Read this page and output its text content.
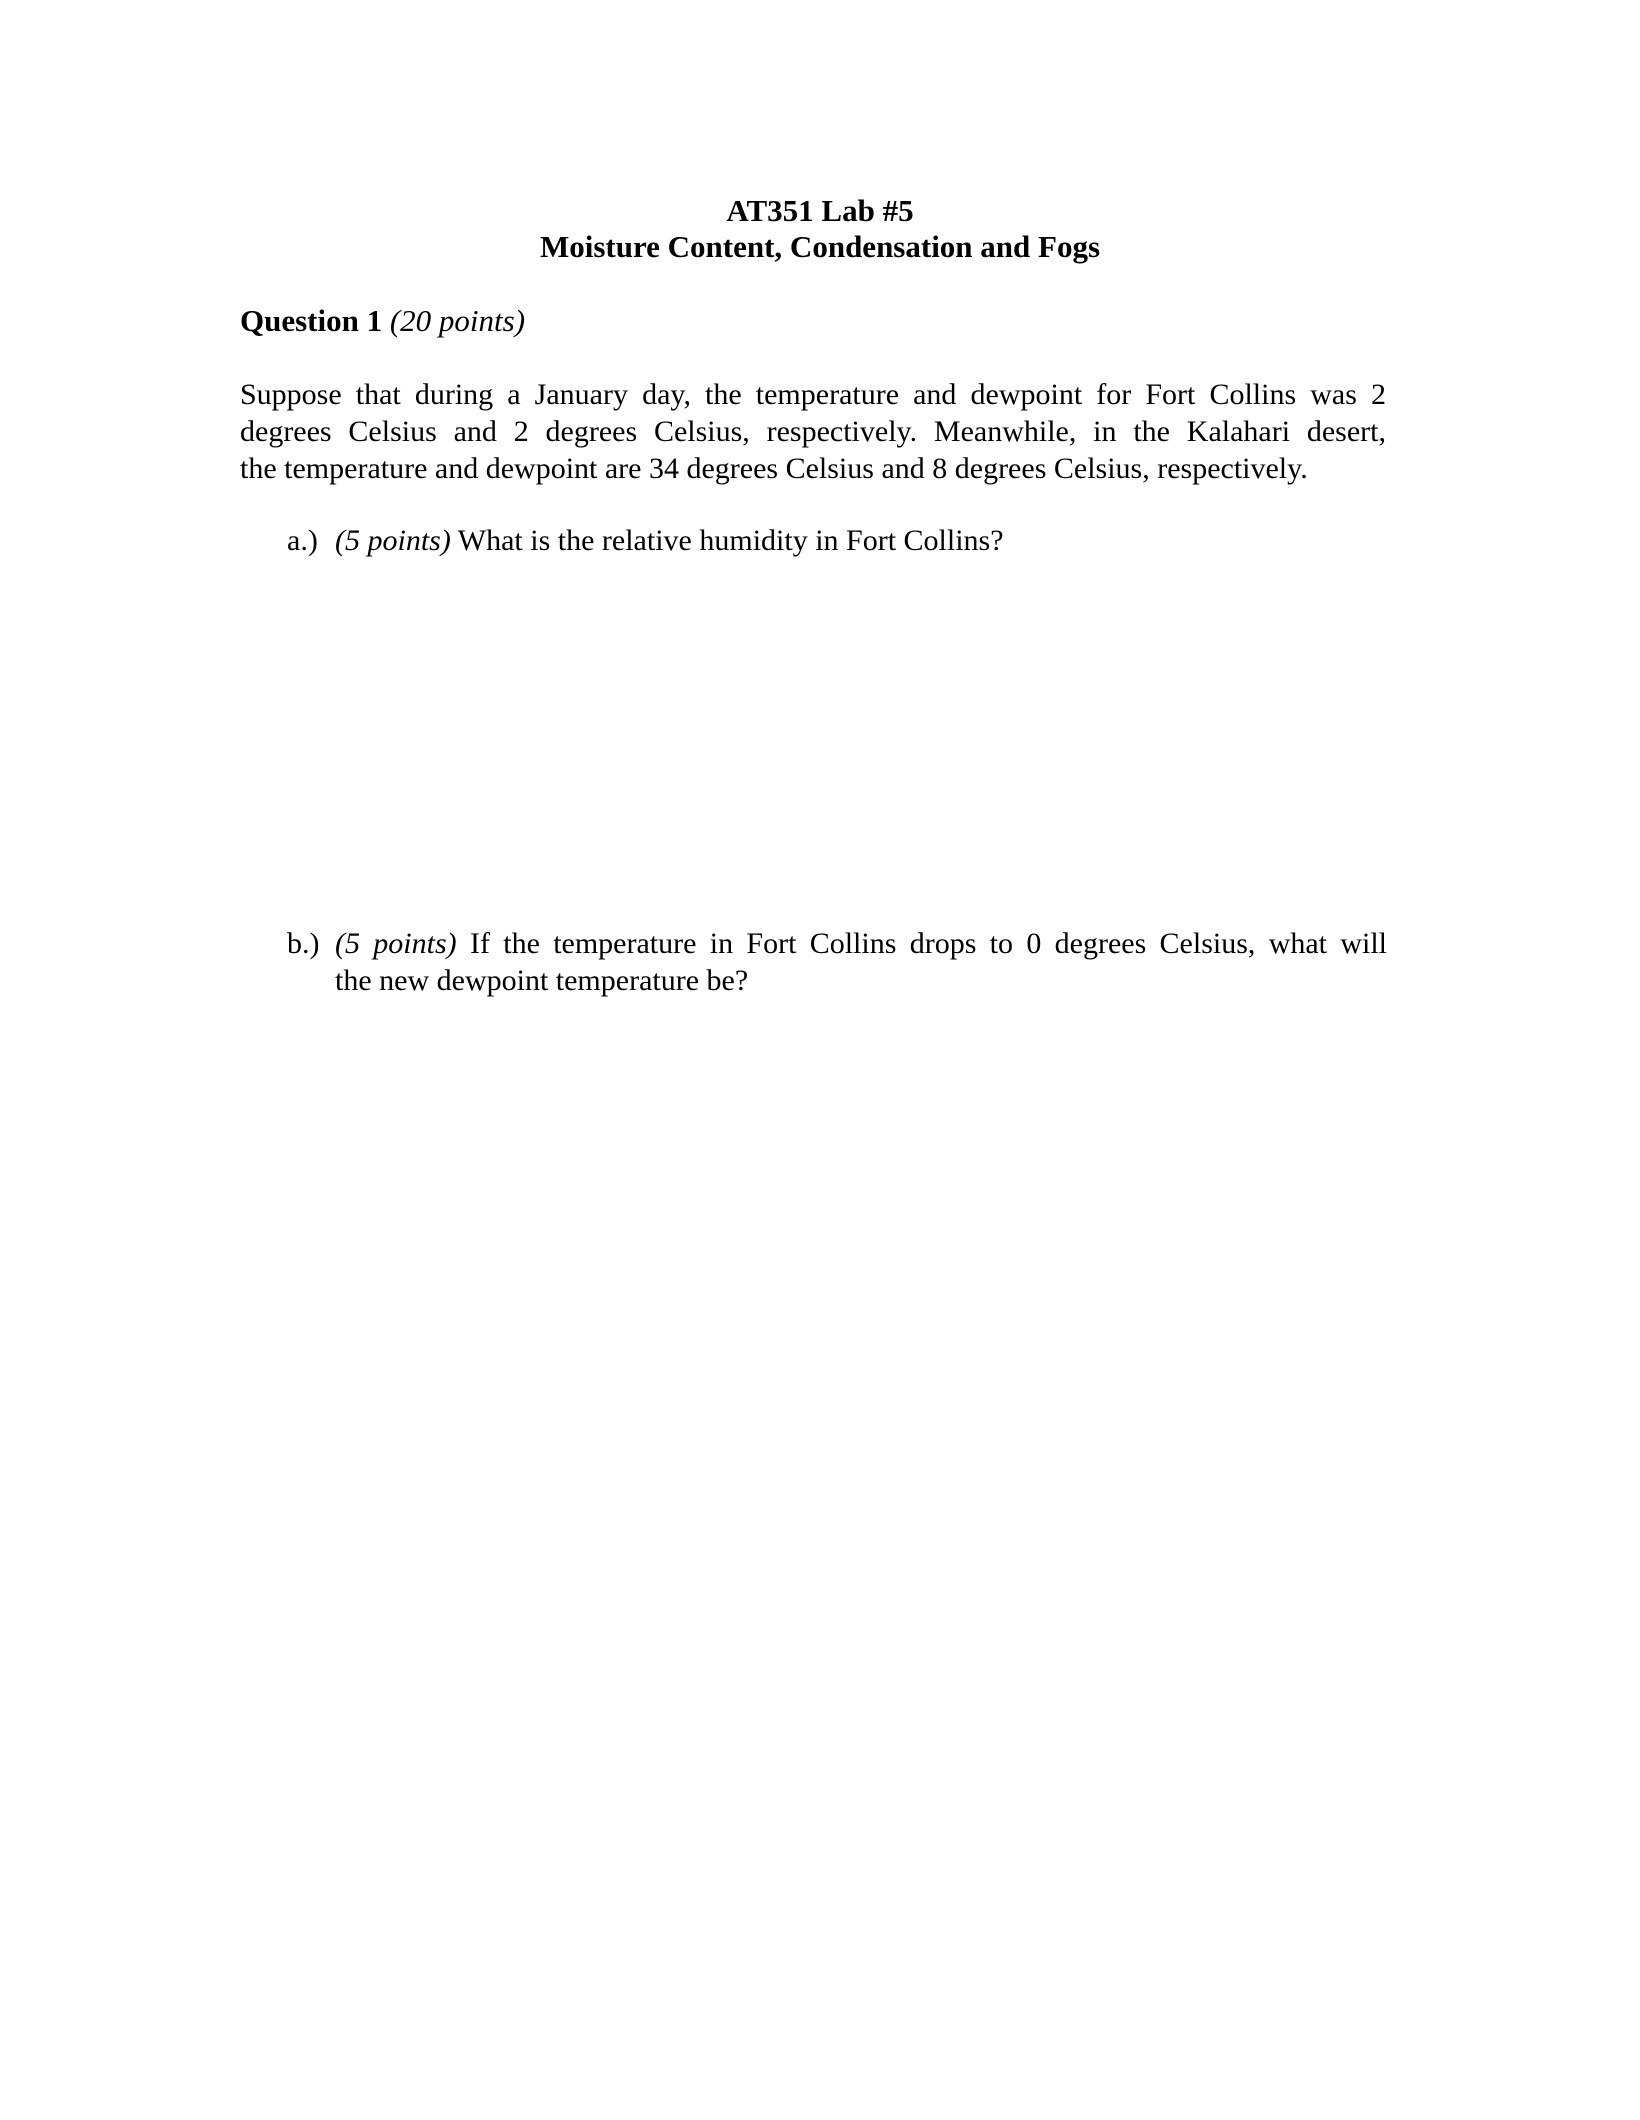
AT351 Lab #5
Moisture Content, Condensation and Fogs
Question 1 (20 points)
Suppose that during a January day, the temperature and dewpoint for Fort Collins was 2
degrees Celsius and 2 degrees Celsius, respectively. Meanwhile, in the Kalahari desert,
the temperature and dewpoint are 34 degrees Celsius and 8 degrees Celsius, respectively.
a.) (5 points) What is the relative humidity in Fort Collins?
b.) (5 points) If the temperature in Fort Collins drops to 0 degrees Celsius, what will
the new dewpoint temperature be?
